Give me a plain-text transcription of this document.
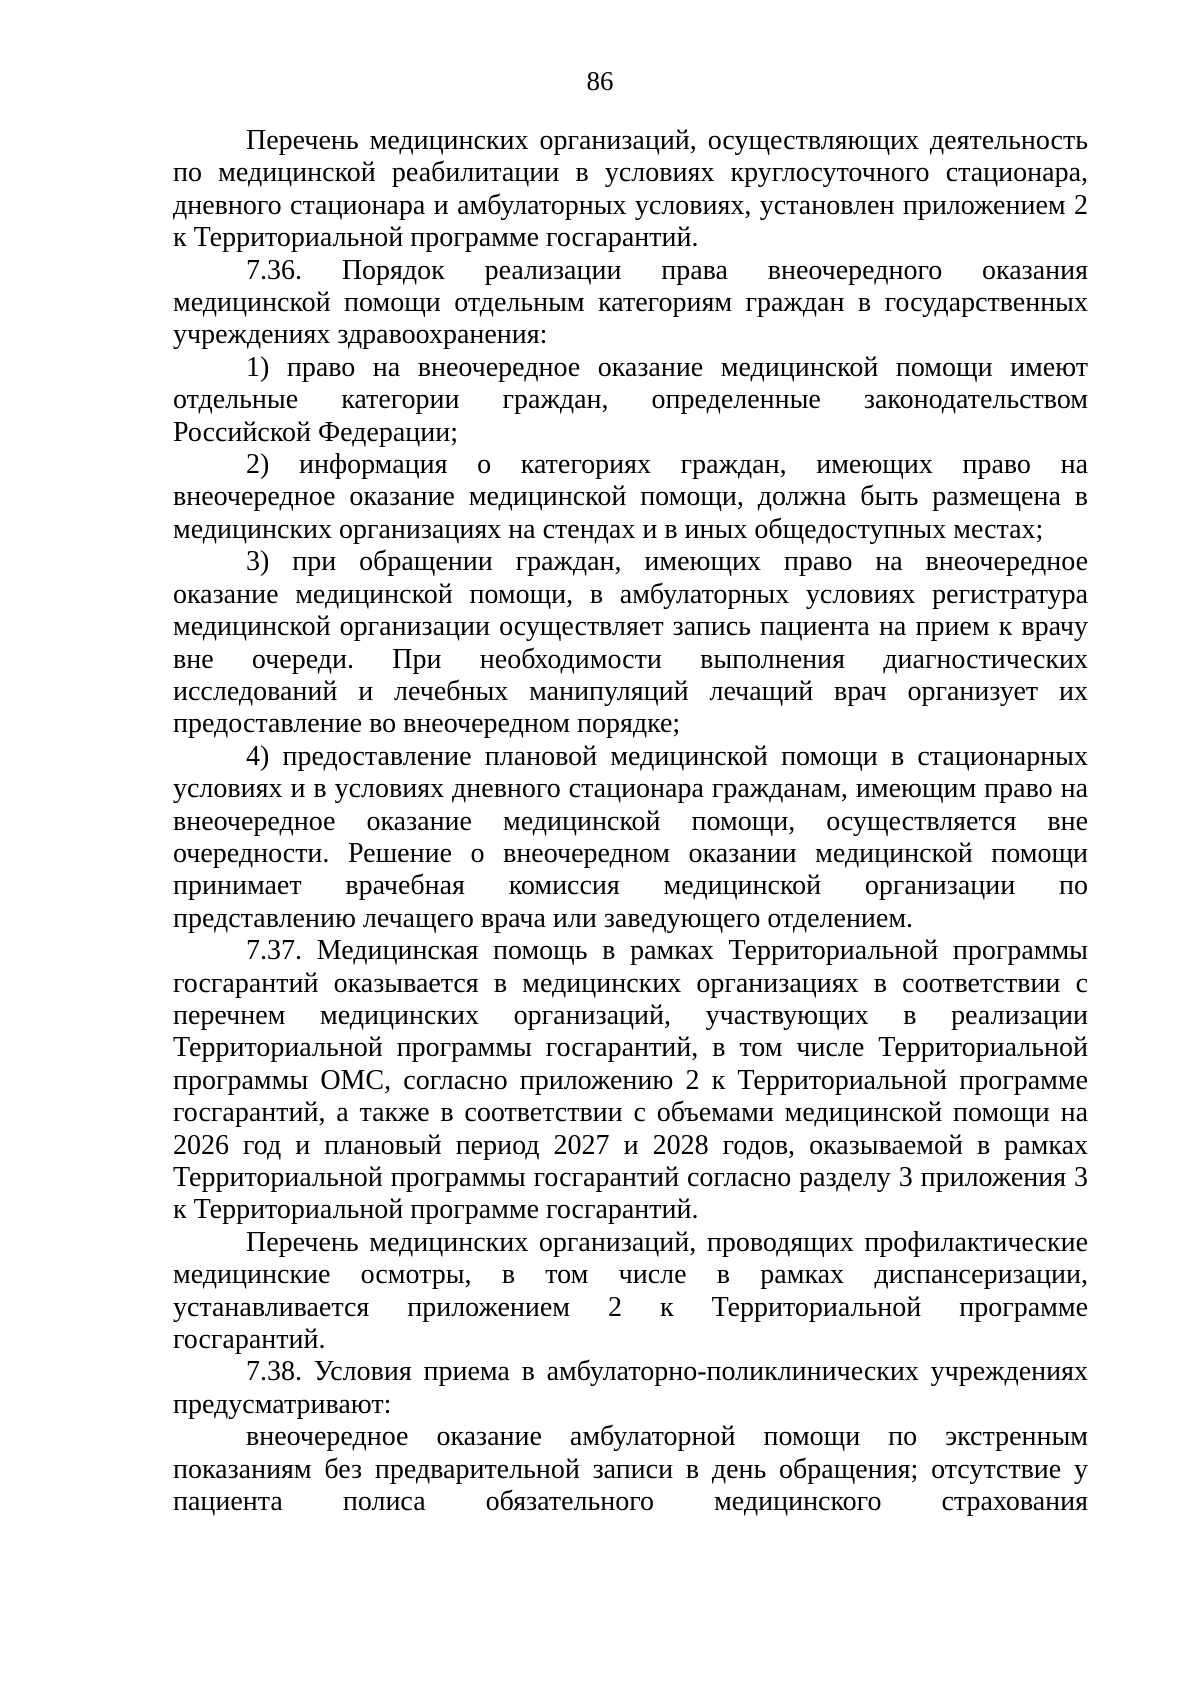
86

Перечень медицинских организаций, осуществляющих деятельность по медицинской реабилитации в условиях круглосуточного стационара, дневного стационара и амбулаторных условиях, установлен приложением 2 к Территориальной программе госгарантий.

7.36. Порядок реализации права внеочередного оказания медицинской помощи отдельным категориям граждан в государственных учреждениях здравоохранения:

1) право на внеочередное оказание медицинской помощи имеют отдельные категории граждан, определенные законодательством Российской Федерации;

2) информация о категориях граждан, имеющих право на внеочередное оказание медицинской помощи, должна быть размещена в медицинских организациях на стендах и в иных общедоступных местах;

3) при обращении граждан, имеющих право на внеочередное оказание медицинской помощи, в амбулаторных условиях регистратура медицинской организации осуществляет запись пациента на прием к врачу вне очереди. При необходимости выполнения диагностических исследований и лечебных манипуляций лечащий врач организует их предоставление во внеочередном порядке;

4) предоставление плановой медицинской помощи в стационарных условиях и в условиях дневного стационара гражданам, имеющим право на внеочередное оказание медицинской помощи, осуществляется вне очередности. Решение о внеочередном оказании медицинской помощи принимает врачебная комиссия медицинской организации по представлению лечащего врача или заведующего отделением.

7.37. Медицинская помощь в рамках Территориальной программы госгарантий оказывается в медицинских организациях в соответствии с перечнем медицинских организаций, участвующих в реализации Территориальной программы госгарантий, в том числе Территориальной программы ОМС, согласно приложению 2 к Территориальной программе госгарантий, а также в соответствии с объемами медицинской помощи на 2026 год и плановый период 2027 и 2028 годов, оказываемой в рамках Территориальной программы госгарантий согласно разделу 3 приложения 3 к Территориальной программе госгарантий.

Перечень медицинских организаций, проводящих профилактические медицинские осмотры, в том числе в рамках диспансеризации, устанавливается приложением 2 к Территориальной программе госгарантий.

7.38. Условия приема в амбулаторно-поликлинических учреждениях предусматривают:

внеочередное оказание амбулаторной помощи по экстренным показаниям без предварительной записи в день обращения; отсутствие у пациента полиса обязательного медицинского страхования
